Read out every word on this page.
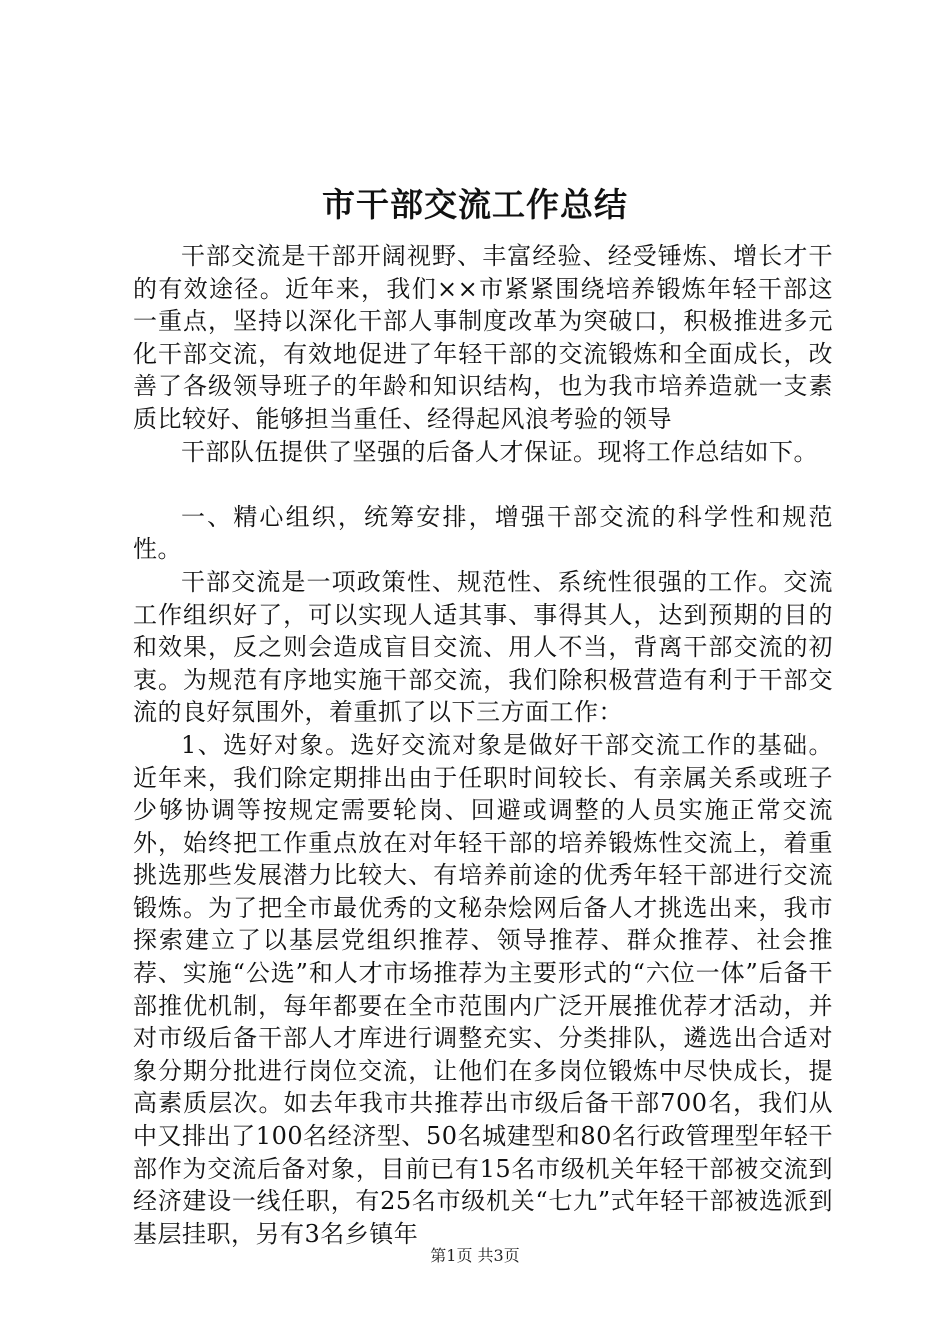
市干部交流工作总结

干部交流是干部开阔视野、丰富经验、经受锤炼、增长才干的有效途径。近年来，我们××市紧紧围绕培养锻炼年轻干部这一重点，坚持以深化干部人事制度改革为突破口，积极推进多元化干部交流，有效地促进了年轻干部的交流锻炼和全面成长，改善了各级领导班子的年龄和知识结构，也为我市培养造就一支素质比较好、能够担当重任、经得起风浪考验的领导

干部队伍提供了坚强的后备人才保证。现将工作总结如下。

一、精心组织，统筹安排，增强干部交流的科学性和规范性。

干部交流是一项政策性、规范性、系统性很强的工作。交流工作组织好了，可以实现人适其事、事得其人，达到预期的目的和效果，反之则会造成盲目交流、用人不当，背离干部交流的初衷。为规范有序地实施干部交流，我们除积极营造有利于干部交流的良好氛围外，着重抓了以下三方面工作：

1、选好对象。选好交流对象是做好干部交流工作的基础。近年来，我们除定期排出由于任职时间较长、有亲属关系或班子少够协调等按规定需要轮岗、回避或调整的人员实施正常交流外，始终把工作重点放在对年轻干部的培养锻炼性交流上，着重挑选那些发展潜力比较大、有培养前途的优秀年轻干部进行交流锻炼。为了把全市最优秀的文秘杂烩网后备人才挑选出来，我市探索建立了以基层党组织推荐、领导推荐、群众推荐、社会推荐、实施“公选”和人才市场推荐为主要形式的“六位一体”后备干部推优机制，每年都要在全市范围内广泛开展推优荐才活动，并对市级后备干部人才库进行调整充实、分类排队，遴选出合适对象分期分批进行岗位交流，让他们在多岗位锻炼中尽快成长，提高素质层次。如去年我市共推荐出市级后备干部700名，我们从中又排出了100名经济型、50名城建型和80名行政管理型年轻干部作为交流后备对象，目前已有15名市级机关年轻干部被交流到经济建设一线任职，有25名市级机关“七九”式年轻干部被选派到基层挂职，另有3名乡镇年

第1页 共3页
